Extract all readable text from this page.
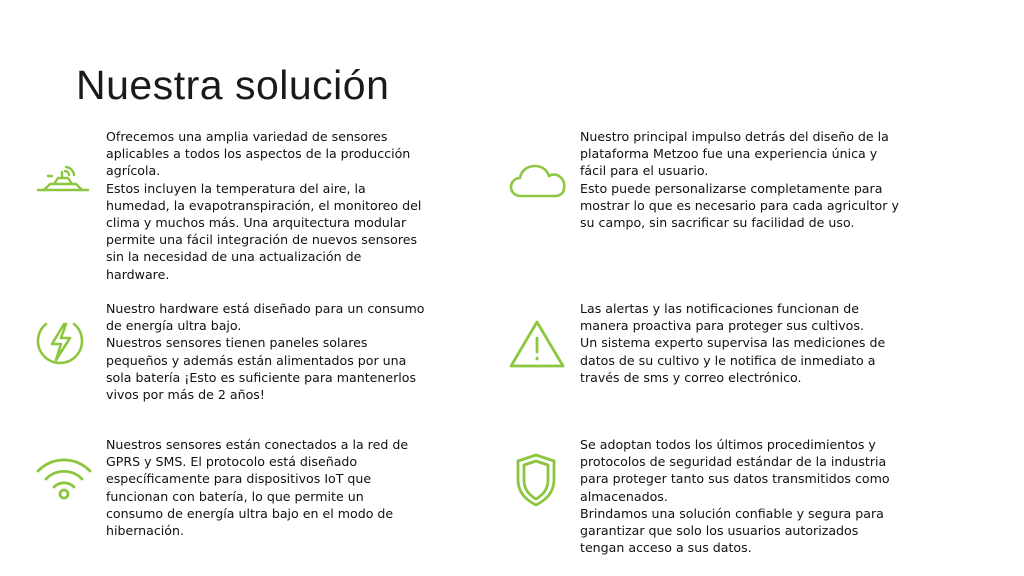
Nuestra solución

Ofrecemos una amplia variedad de sensores

aplicables a todos los aspectos de la producción

agrícola.

Estos incluyen la temperatura del aire, la

humedad, la evapotranspiración, el monitoreo del

clima y muchos más. Una arquitectura modular

permite una fácil integración de nuevos sensores

sin la necesidad de una actualización de

hardware.

Nuestro principal impulso detrás del diseño de la

plataforma Metzoo fue una experiencia única y

fácil para el usuario.

Esto puede personalizarse completamente para

mostrar lo que es necesario para cada agricultor y

su campo, sin sacrificar su facilidad de uso.

Nuestro hardware está diseñado para un consumo

de energía ultra bajo.

Nuestros sensores tienen paneles solares

pequeños y además están alimentados por una

sola batería ¡Esto es suficiente para mantenerlos

vivos por más de 2 años!

Las alertas y las notificaciones funcionan de

manera proactiva para proteger sus cultivos.

Un sistema experto supervisa las mediciones de

datos de su cultivo y le notifica de inmediato a

través de sms y correo electrónico.

Nuestros sensores están conectados a la red de

GPRS y SMS. El protocolo está diseñado

específicamente para dispositivos IoT que

funcionan con batería, lo que permite un

consumo de energía ultra bajo en el modo de

hibernación.

Se adoptan todos los últimos procedimientos y

protocolos de seguridad estándar de la industria

para proteger tanto sus datos transmitidos como

almacenados.

Brindamos una solución confiable y segura para

garantizar que solo los usuarios autorizados

tengan acceso a sus datos.
